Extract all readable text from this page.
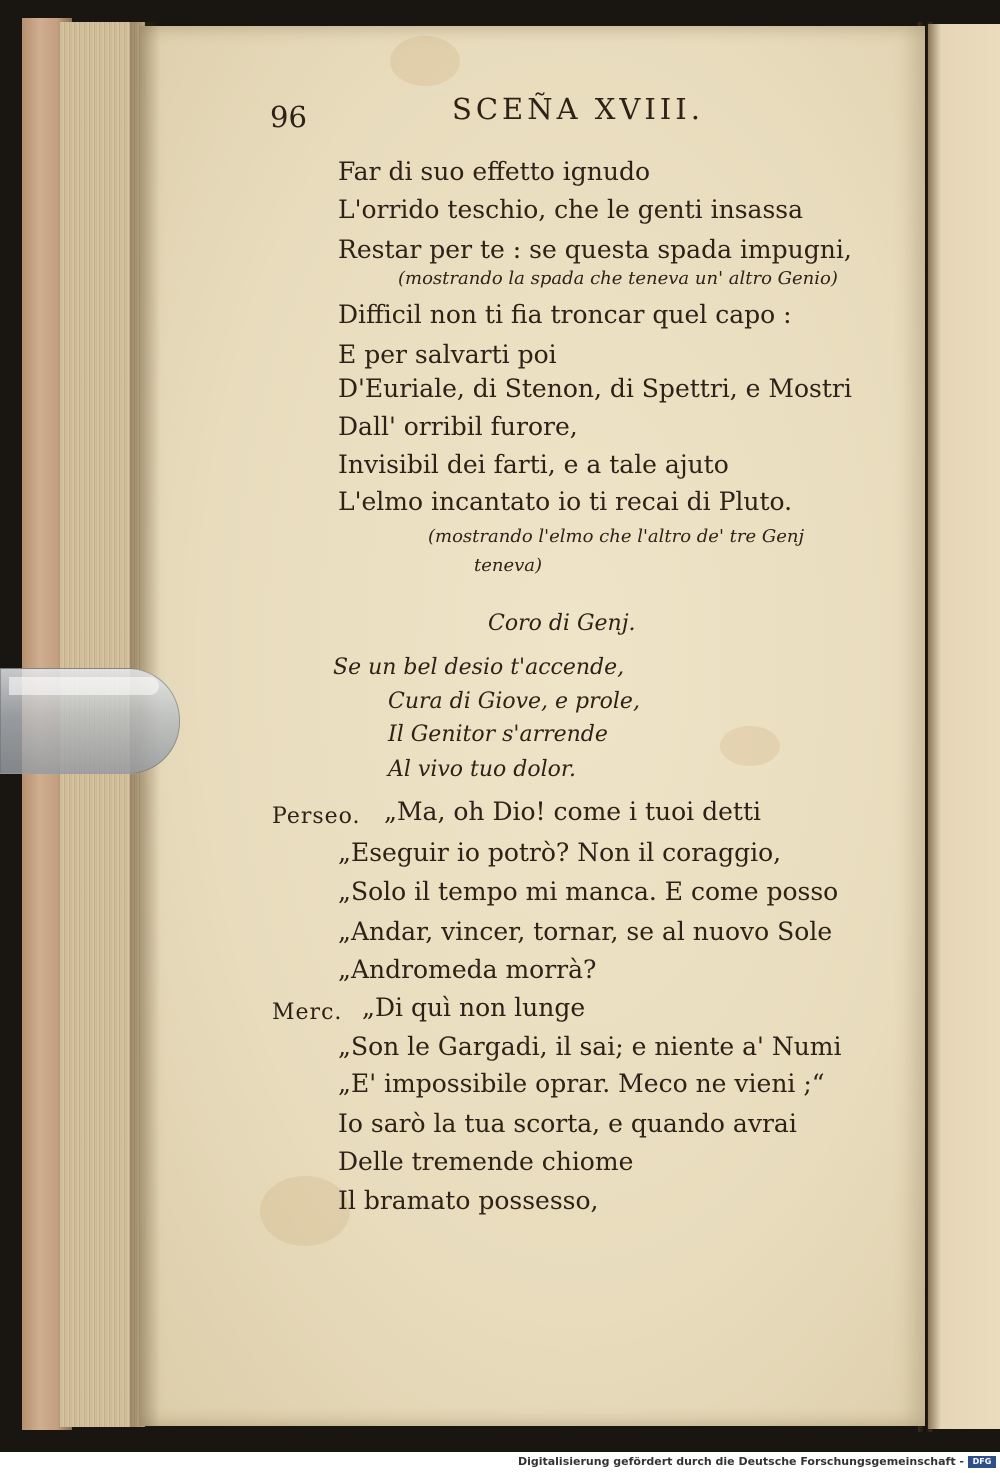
96	SCEÑA XVIII.

Far di suo effetto ignudo

L'orrido teschio, che le genti insassa

Restar per te : se questa spada impugni,

(mostrando la spada che teneva un' altro Genio)

Difficil non ti fia troncar quel capo :

E per salvarti poi

D'Euriale, di Stenon, di Spettri, e Mostri

Dall' orribil furore,

Invisibil dei farti, e a tale ajuto

L'elmo incantato io ti recai di Pluto.

(mostrando l'elmo che l'altro de' tre Genj

teneva)

Coro di Genj.

Se un bel desio t'accende,

Cura di Giove, e prole,

Il Genitor s'arrende

Al vivo tuo dolor.

Perseo. „Ma, oh Dio! come i tuoi detti

„Eseguir io potrò? Non il coraggio,

„Solo il tempo mi manca. E come posso

„Andar, vincer, tornar, se al nuovo Sole

„Andromeda morrà?

Merc. „Di quì non lunge

„Son le Gargadi, il sai; e niente a' Numi

„E' impossibile oprar. Meco ne vieni ;“

Io sarò la tua scorta, e quando avrai

Delle tremende chiome

Il bramato possesso,

Digitalisierung gefördert durch die Deutsche Forschungsgemeinschaft -	DFG
